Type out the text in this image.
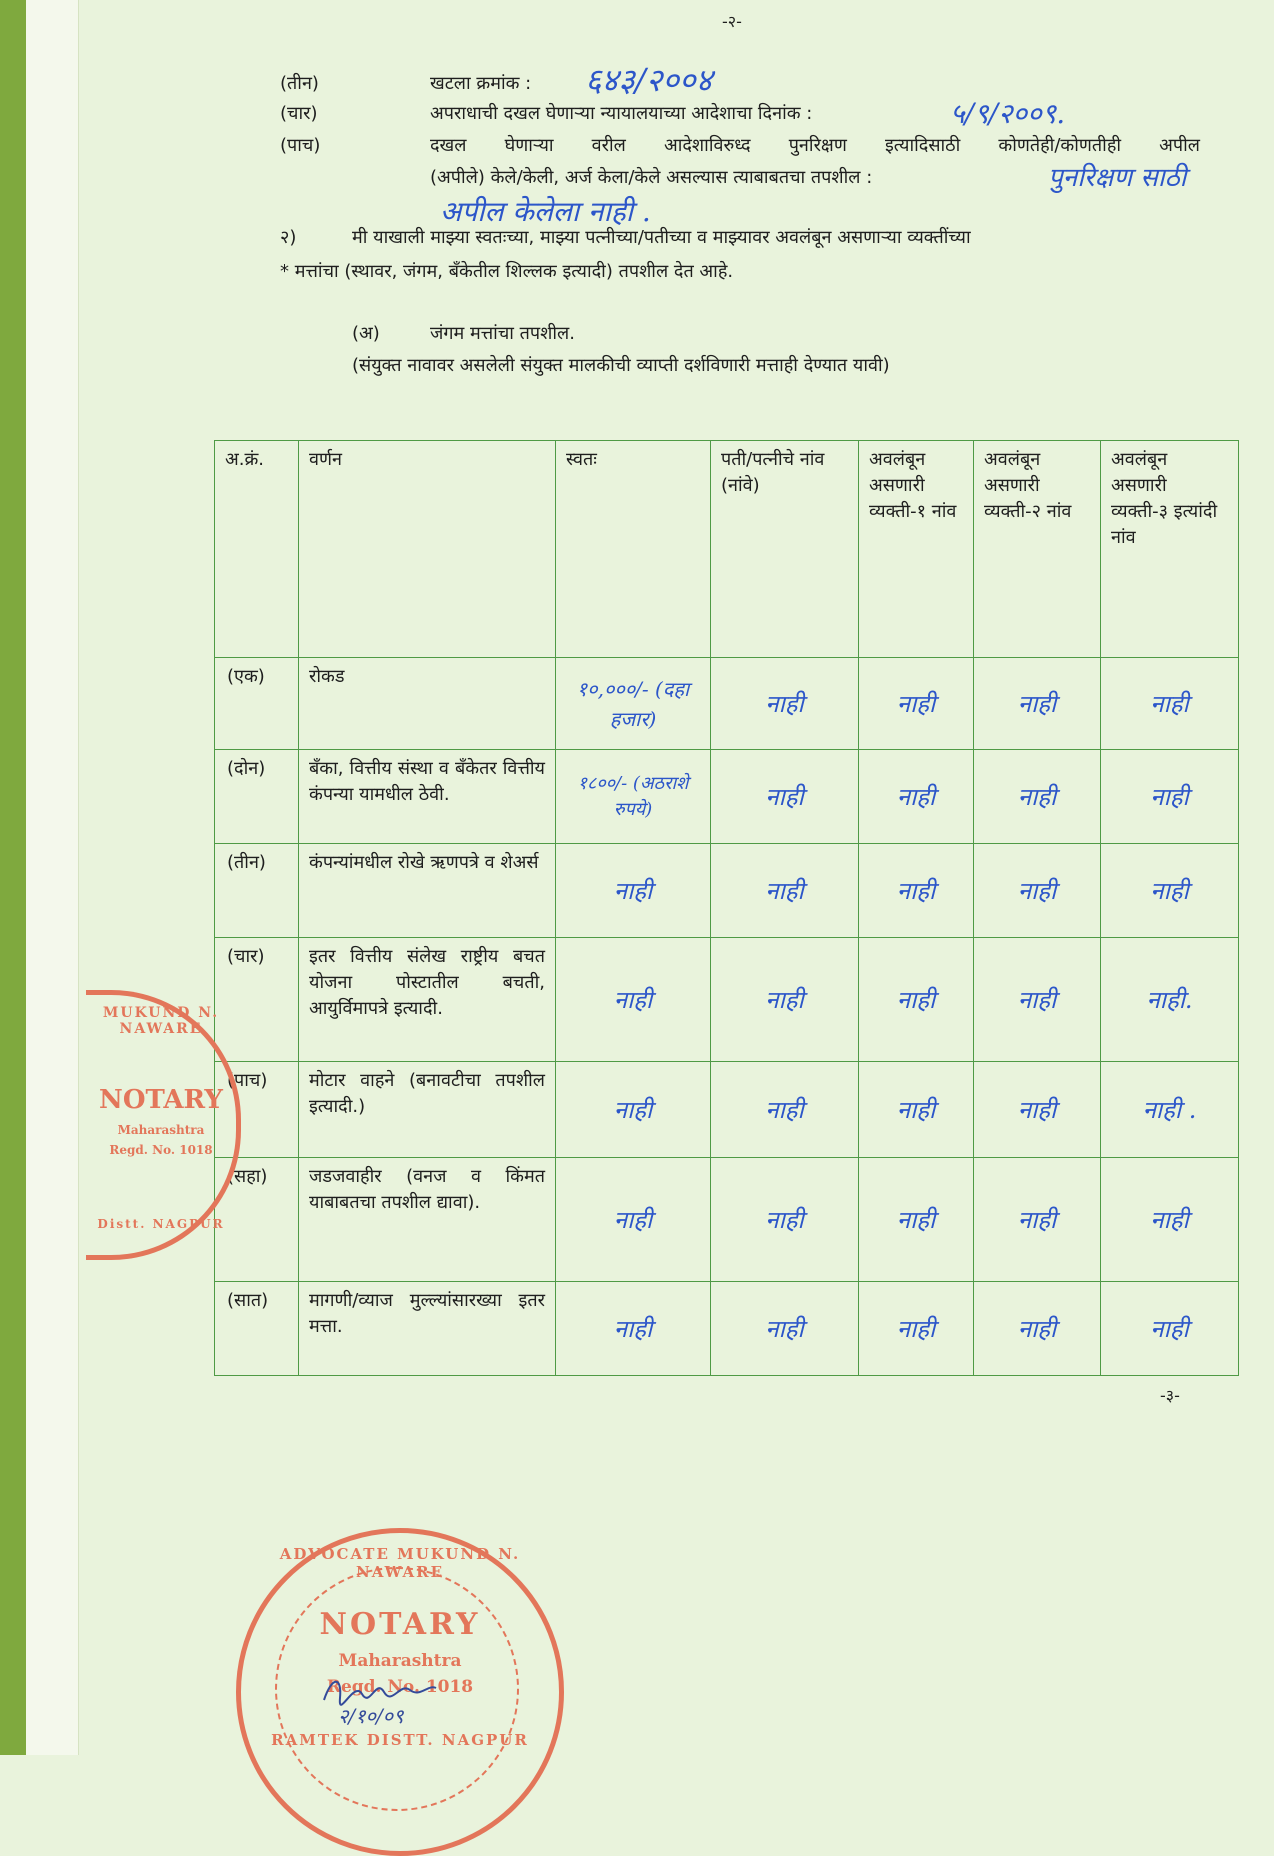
-२-
(तीन)	खटला क्रमांक : ६४३/२००४
(चार)	अपराधाची दखल घेणाऱ्या न्यायालयाच्या आदेशाचा दिनांक :	५/९/२००९.
(पाच)	दखल घेणाऱ्या वरील आदेशाविरुध्द पुनरिक्षण इत्यादिसाठी कोणतेही/कोणतीही अपील
(अपीले) केले/केली, अर्ज केला/केले असल्यास त्याबाबतचा तपशील :	पुनरिक्षण साठी
अपील केलेला नाही .
२)	मी याखाली माझ्या स्वतःच्या, माझ्या पत्नीच्या/पतीच्या व माझ्यावर अवलंबून असणाऱ्या व्यक्तींच्या
* मत्तांचा (स्थावर, जंगम, बँकेतील शिल्लक इत्यादी) तपशील देत आहे.
(अ)	जंगम मत्तांचा तपशील.
(संयुक्त नावावर असलेली संयुक्त मालकीची व्याप्ती दर्शविणारी मत्ताही देण्यात यावी)
अ.क्रं.	वर्णन	स्वतः	पती/पत्नीचे नांव (नांवे)	अवलंबून असणारी व्यक्ती-१ नांव	अवलंबून असणारी व्यक्ती-२ नांव	अवलंबून असणारी व्यक्ती-३ इत्यांदी नांव
(एक)	रोकड	१०,०००/- (दहा हजार)	नाही	नाही	नाही	नाही
(दोन)	बँका, वित्तीय संस्था व बँकेतर वित्तीय कंपन्या यामधील ठेवी.	१८००/- (अठराशे रुपये)	नाही	नाही	नाही	नाही
(तीन)	कंपन्यांमधील रोखे ऋणपत्रे व शेअर्स	नाही	नाही	नाही	नाही	नाही
(चार)	इतर वित्तीय संलेख राष्ट्रीय बचत योजना पोस्टातील बचती, आयुर्विमापत्रे इत्यादी.	नाही	नाही	नाही	नाही	नाही.
(पाच)	मोटार वाहने (बनावटीचा तपशील इत्यादी.)	नाही	नाही	नाही	नाही	नाही .
(सहा)	जडजवाहीर (वनज व किंमत याबाबतचा तपशील द्यावा).	नाही	नाही	नाही	नाही	नाही
(सात)	मागणी/व्याज मुल्ल्यांसारख्या इतर मत्ता.	नाही	नाही	नाही	नाही	नाही
-३-
MUKUND N. NAWARE
NOTARY
Maharashtra
Regd. No. 1018
Distt. NAGPUR
ADVOCATE MUKUND N. NAWARE
NOTARY
Maharashtra
Regd. No. 1018
RAMTEK DISTT. NAGPUR
२/१०/०९
